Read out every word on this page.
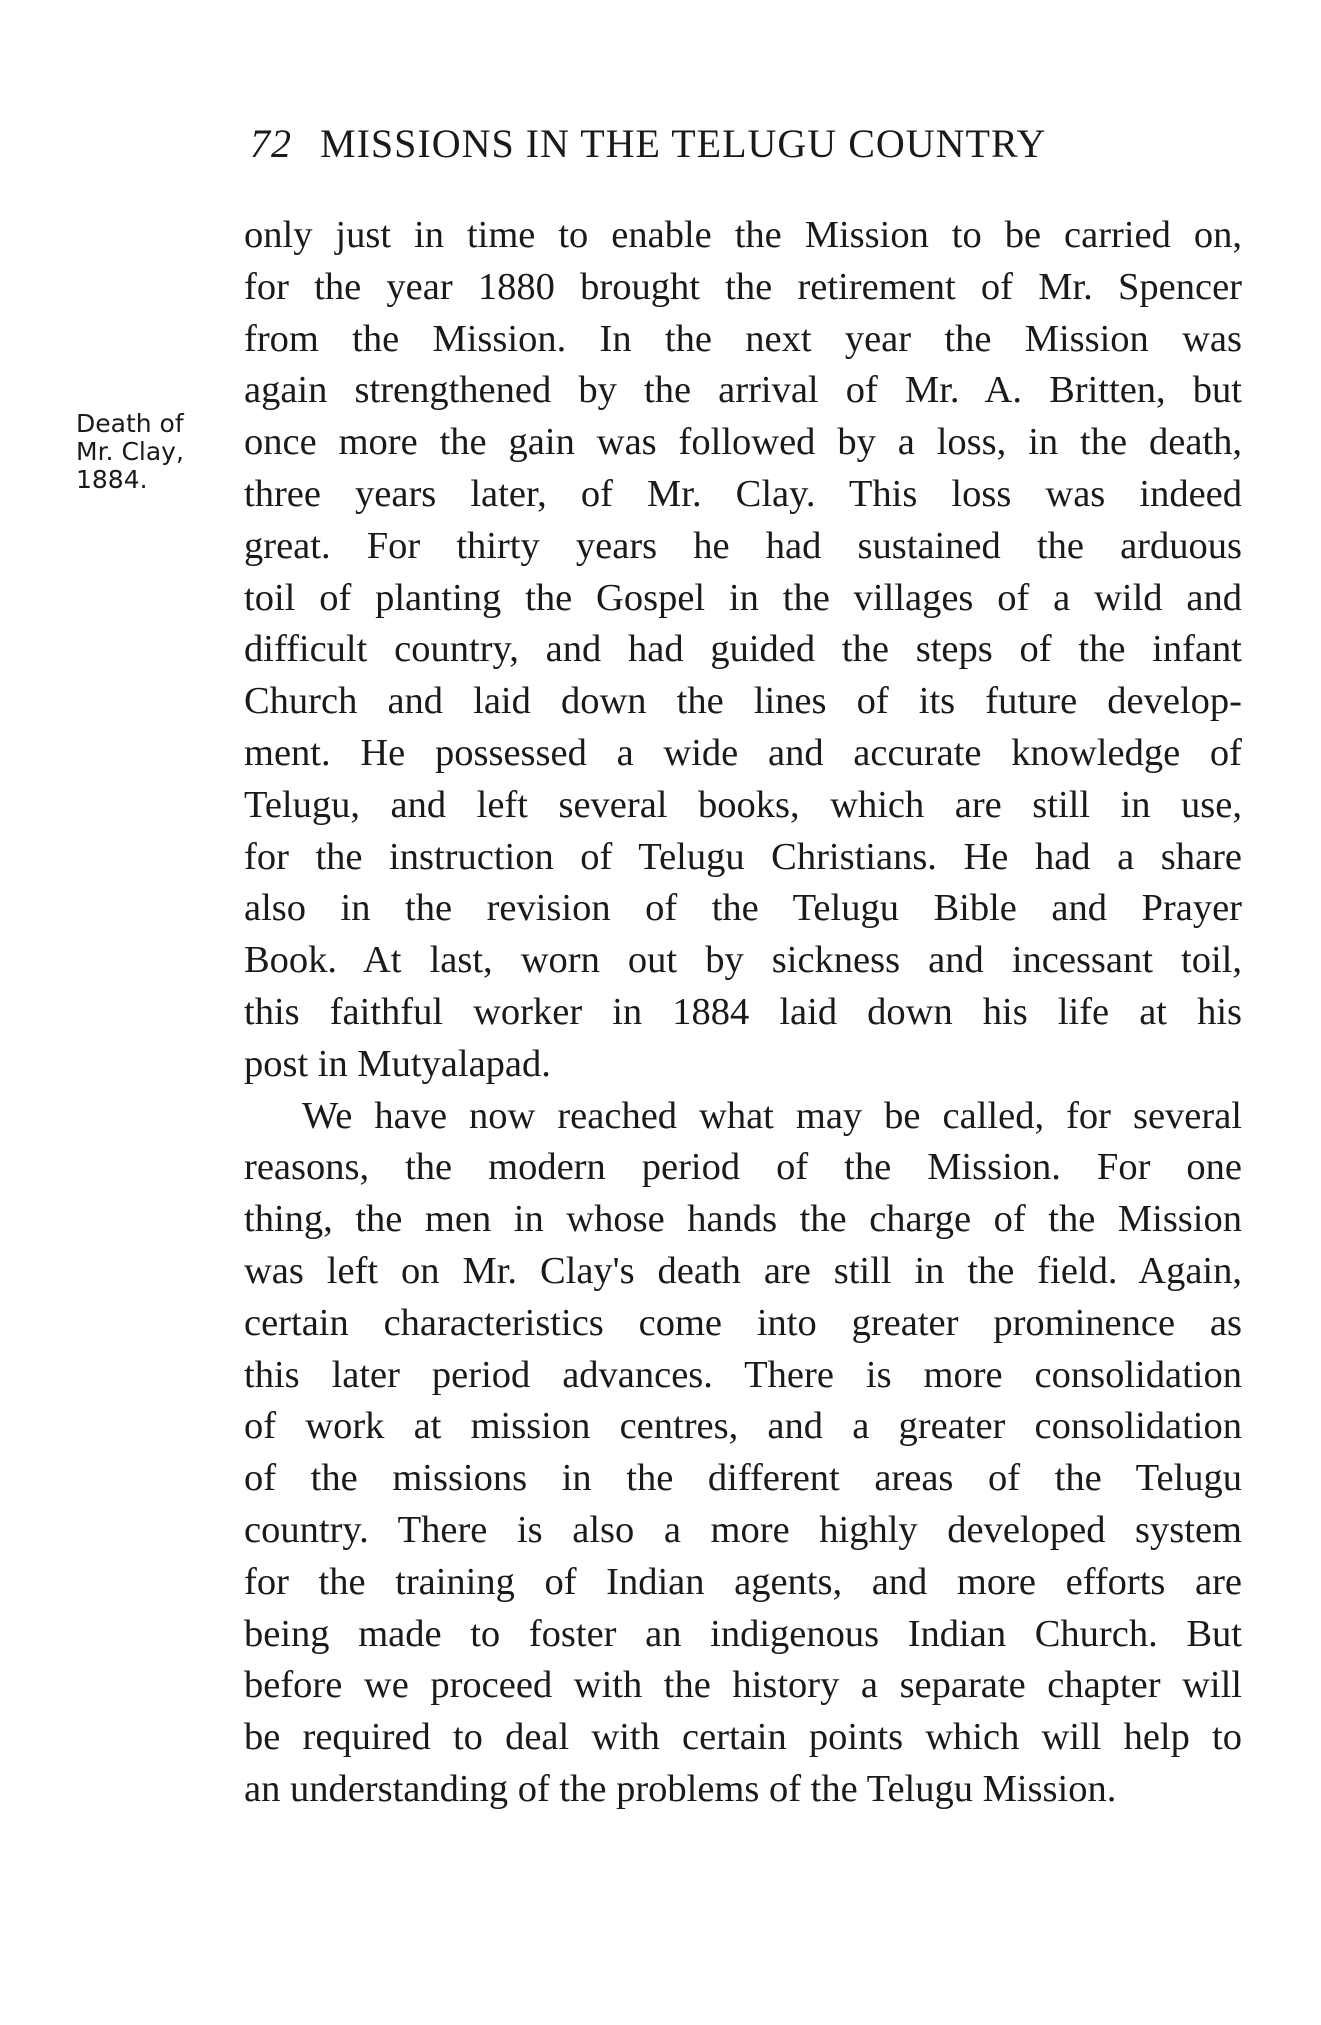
72 MISSIONS IN THE TELUGU COUNTRY
Death of
Mr. Clay,
1884.
only just in time to enable the Mission to be carried on,
for the year 1880 brought the retirement of Mr. Spencer
from the Mission. In the next year the Mission was
again strengthened by the arrival of Mr. A. Britten, but
once more the gain was followed by a loss, in the death,
three years later, of Mr. Clay. This loss was indeed
great. For thirty years he had sustained the arduous
toil of planting the Gospel in the villages of a wild and
difficult country, and had guided the steps of the infant
Church and laid down the lines of its future develop-
ment. He possessed a wide and accurate knowledge of
Telugu, and left several books, which are still in use,
for the instruction of Telugu Christians. He had a share
also in the revision of the Telugu Bible and Prayer
Book. At last, worn out by sickness and incessant toil,
this faithful worker in 1884 laid down his life at his
post in Mutyalapad.
We have now reached what may be called, for several
reasons, the modern period of the Mission. For one
thing, the men in whose hands the charge of the Mission
was left on Mr. Clay's death are still in the field. Again,
certain characteristics come into greater prominence as
this later period advances. There is more consolidation
of work at mission centres, and a greater consolidation
of the missions in the different areas of the Telugu
country. There is also a more highly developed system
for the training of Indian agents, and more efforts are
being made to foster an indigenous Indian Church. But
before we proceed with the history a separate chapter will
be required to deal with certain points which will help to
an understanding of the problems of the Telugu Mission.
